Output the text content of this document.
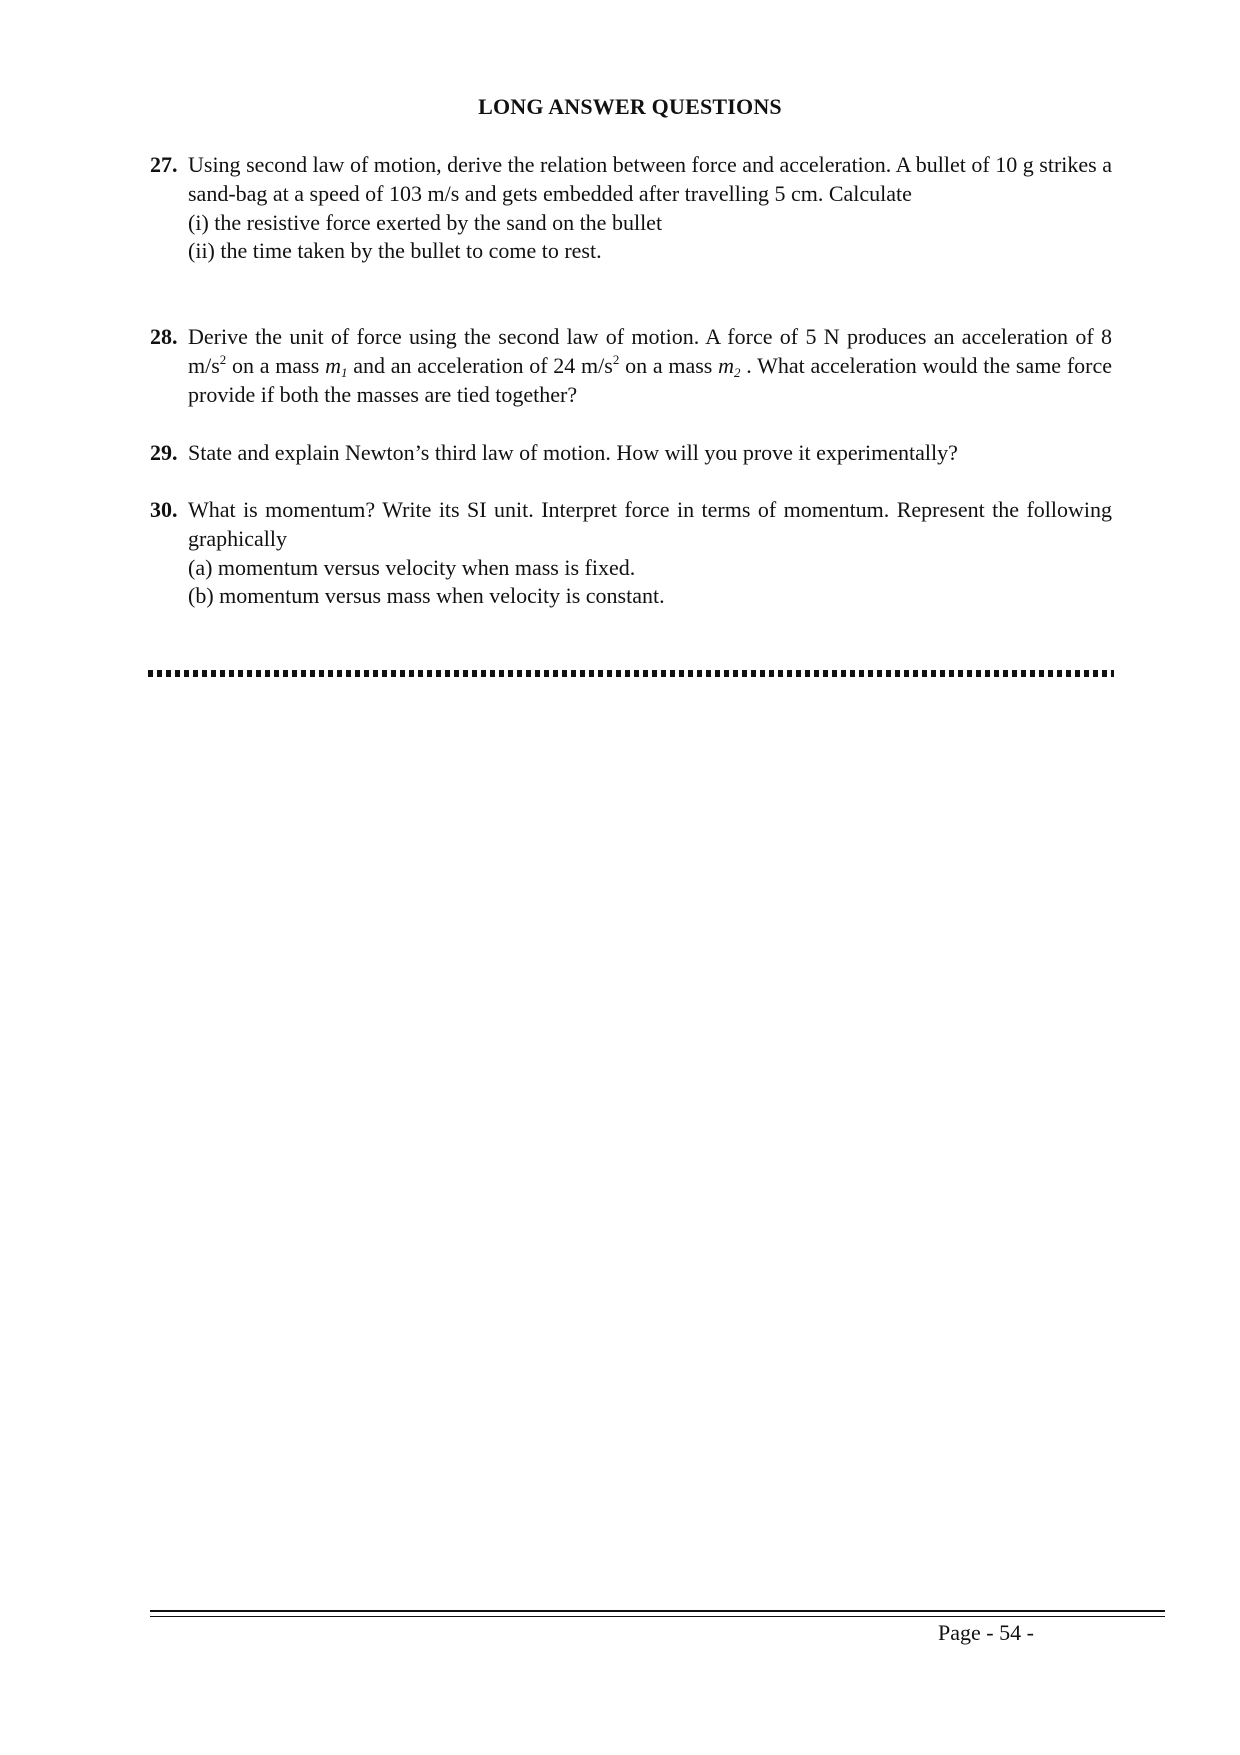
LONG ANSWER QUESTIONS
27. Using second law of motion, derive the relation between force and acceleration. A bullet of 10 g strikes a sand-bag at a speed of 103 m/s and gets embedded after travelling 5 cm. Calculate
(i) the resistive force exerted by the sand on the bullet
(ii) the time taken by the bullet to come to rest.
28. Derive the unit of force using the second law of motion. A force of 5 N produces an acceleration of 8 $m/s^2$ on a mass $m_1$ and an acceleration of 24 $m/s^2$ on a mass $m_2$ . What acceleration would the same force provide if both the masses are tied together?
29. State and explain Newton’s third law of motion. How will you prove it experimentally?
30. What is momentum? Write its SI unit. Interpret force in terms of momentum. Represent the following graphically
(a) momentum versus velocity when mass is fixed.
(b) momentum versus mass when velocity is constant.
Page - 54 -
